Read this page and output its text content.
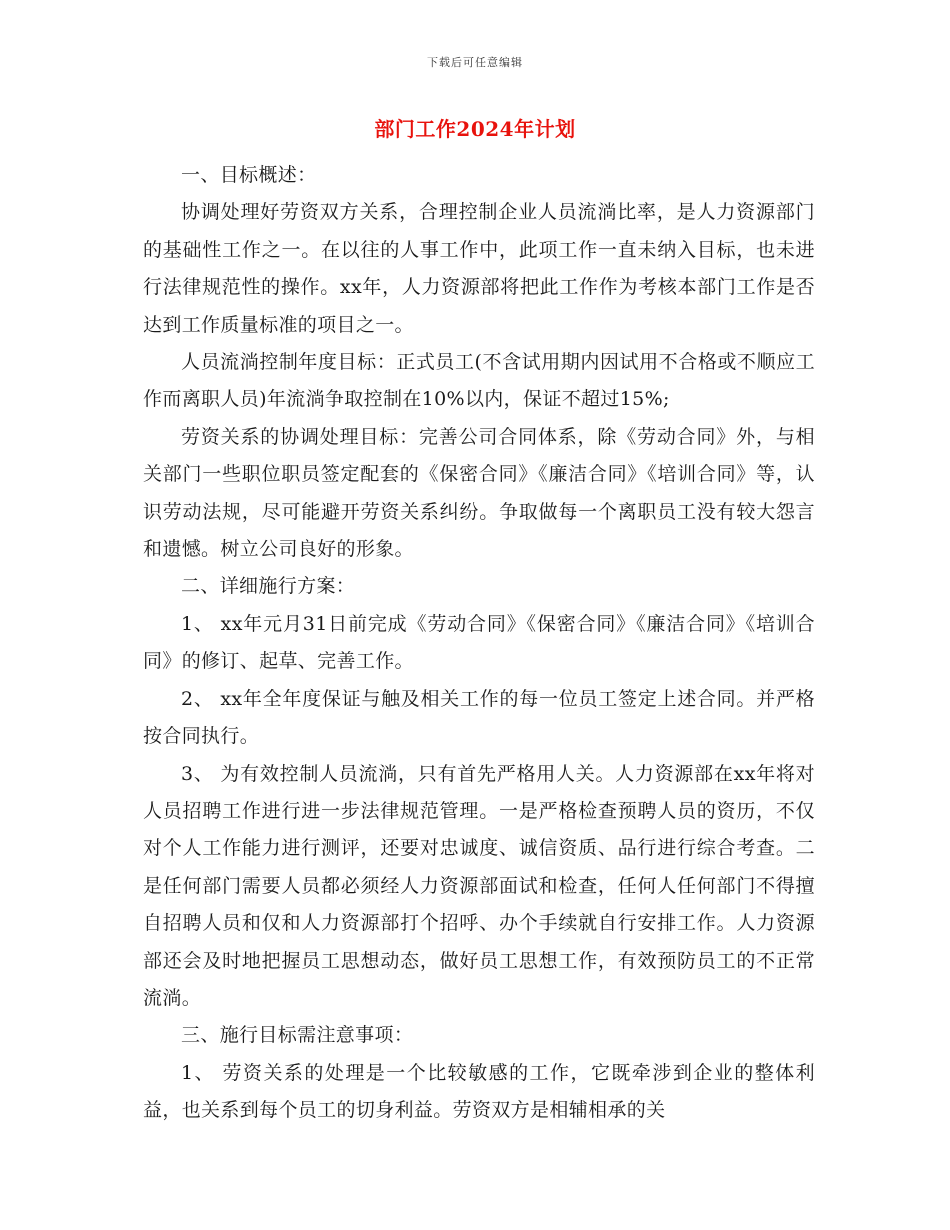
下载后可任意编辑
部门工作2024年计划

一、目标概述：

协调处理好劳资双方关系，合理控制企业人员流淌比率，是人力资源部门的基础性工作之一。在以往的人事工作中，此项工作一直未纳入目标，也未进行法律规范性的操作。xx年，人力资源部将把此工作作为考核本部门工作是否达到工作质量标准的项目之一。

人员流淌控制年度目标：正式员工(不含试用期内因试用不合格或不顺应工作而离职人员)年流淌争取控制在10%以内，保证不超过15%;

劳资关系的协调处理目标：完善公司合同体系，除《劳动合同》外，与相关部门一些职位职员签定配套的《保密合同》《廉洁合同》《培训合同》等，认识劳动法规，尽可能避开劳资关系纠纷。争取做每一个离职员工没有较大怨言和遗憾。树立公司良好的形象。

二、详细施行方案：

1、 xx年元月31日前完成《劳动合同》《保密合同》《廉洁合同》《培训合同》的修订、起草、完善工作。

2、 xx年全年度保证与触及相关工作的每一位员工签定上述合同。并严格按合同执行。

3、 为有效控制人员流淌，只有首先严格用人关。人力资源部在xx年将对人员招聘工作进行进一步法律规范管理。一是严格检查预聘人员的资历，不仅对个人工作能力进行测评，还要对忠诚度、诚信资质、品行进行综合考查。二是任何部门需要人员都必须经人力资源部面试和检查，任何人任何部门不得擅自招聘人员和仅和人力资源部打个招呼、办个手续就自行安排工作。人力资源部还会及时地把握员工思想动态，做好员工思想工作，有效预防员工的不正常流淌。

三、施行目标需注意事项：

1、 劳资关系的处理是一个比较敏感的工作，它既牵涉到企业的整体利益，也关系到每个员工的切身利益。劳资双方是相辅相承的关
